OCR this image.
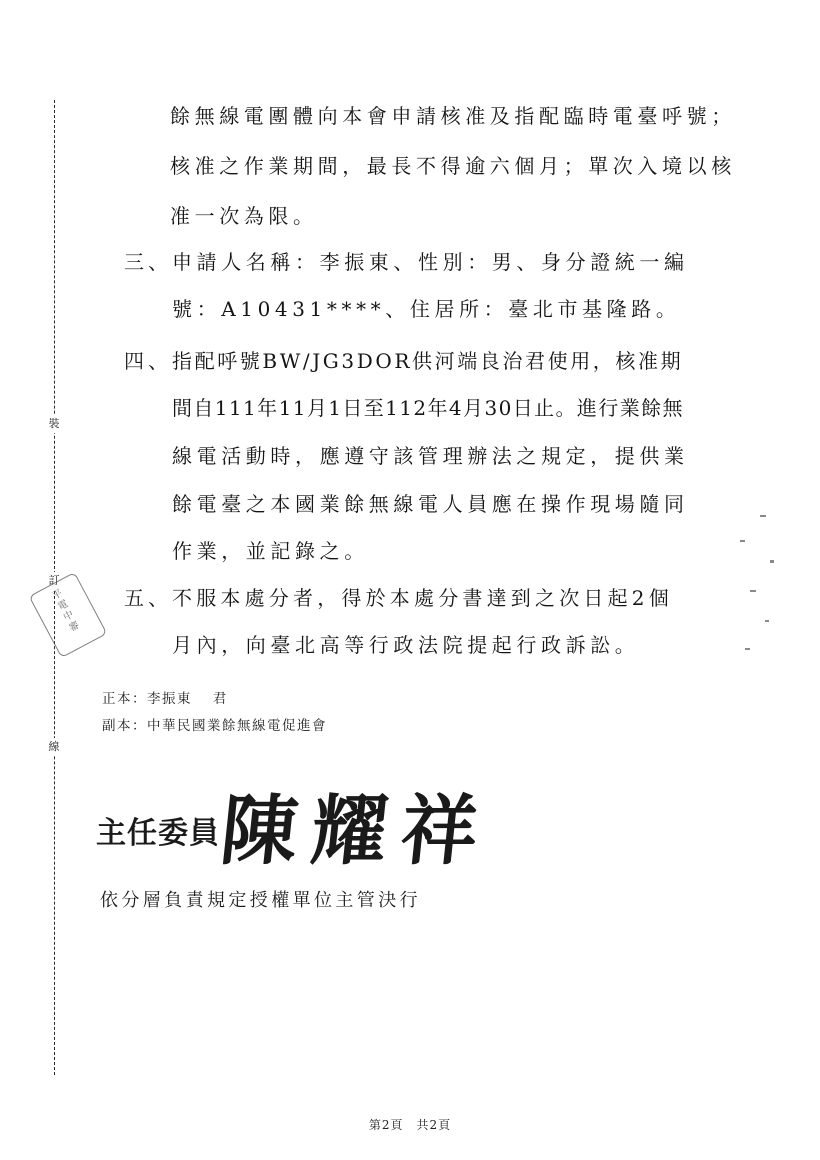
裝
訂
線
平
電
中
審
餘無線電團體向本會申請核准及指配臨時電臺呼號；
核准之作業期間，最長不得逾六個月；單次入境以核
准一次為限。
三、 申請人名稱：李振東、性別：男、身分證統一編
號：A10431****、住居所：臺北市基隆路。
四、 指配呼號BW/JG3DOR供河端良治君使用，核准期
間自111年11月1日至112年4月30日止。進行業餘無
線電活動時，應遵守該管理辦法之規定，提供業
餘電臺之本國業餘無線電人員應在操作現場隨同
作業，並記錄之。
五、 不服本處分者，得於本處分書達到之次日起2個
月內，向臺北高等行政法院提起行政訴訟。
正本：李振東　 君
副本：中華民國業餘無線電促進會
主任委員
陳耀祥
依分層負責規定授權單位主管決行
第2頁　共2頁
